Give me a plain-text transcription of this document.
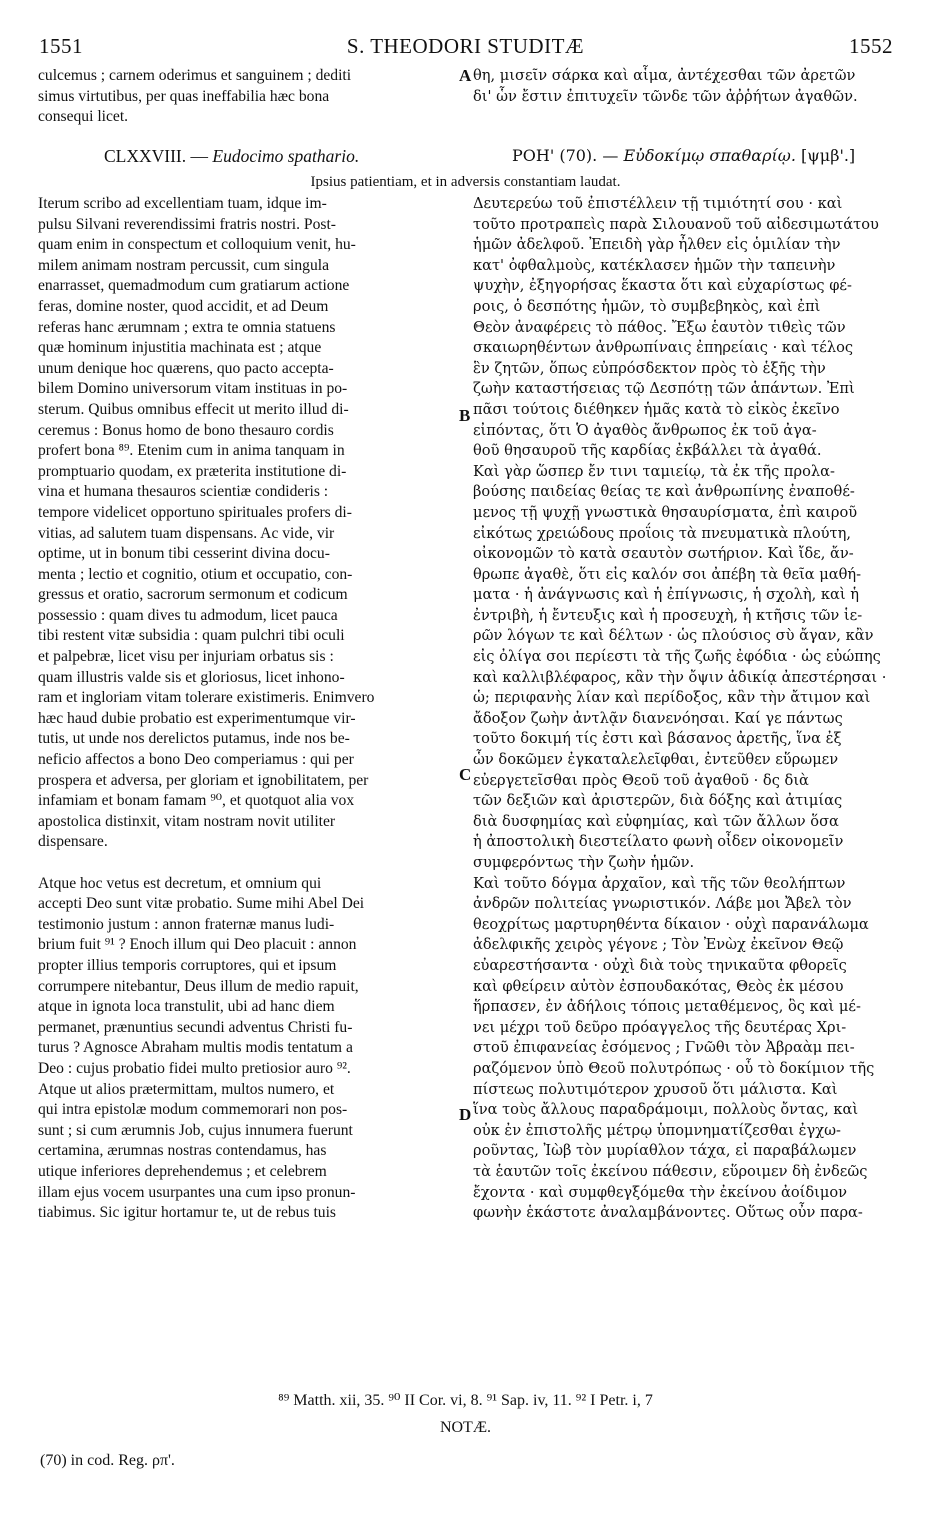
1551	S. THEODORI STUDITÆ	1552
culcemus ; carnem oderimus et sanguinem ; dediti
simus virtutibus, per quas ineffabilia hæc bona
consequi licet.
θη, μισεῖν σάρκα καὶ αἷμα, ἀντέχεσθαι τῶν ἀρετῶν
δι' ὧν ἔστιν ἐπιτυχεῖν τῶνδε τῶν ἀῤῥήτων ἀγαθῶν.
CLXXVIII. — Eudocimo spathario.	ΡΟΗ' (70). — Εὐδοκίμῳ σπαθαρίῳ. [ψμβ'.]
Ipsius patientiam, et in adversis constantiam laudat.
Iterum scribo ad excellentiam tuam, idque im-
pulsu Silvani reverendissimi fratris nostri. Post-
quam enim in conspectum et colloquium venit, hu-
milem animam nostram percussit, cum singula
enarrasset, quemadmodum cum gratiarum actione
feras, domine noster, quod accidit, et ad Deum
referas hanc ærumnam ; extra te omnia statuens
quæ hominum injustitia machinata est ; atque
unum denique hoc quærens, quo pacto accepta-
bilem Domino universorum vitam instituas in po-
sterum. Quibus omnibus effecit ut merito illud di-
ceremus : Bonus homo de bono thesauro cordis
profert bona ⁸⁹. Etenim cum in anima tanquam in
promptuario quodam, ex præterita institutione di-
vina et humana thesauros scientiæ condideris :
tempore videlicet opportuno spirituales profers di-
vitias, ad salutem tuam dispensans. Ac vide, vir
optime, ut in bonum tibi cesserint divina docu-
menta ; lectio et cognitio, otium et occupatio, con-
gressus et oratio, sacrorum sermonum et codicum
possessio : quam dives tu admodum, licet pauca
tibi restent vitæ subsidia : quam pulchri tibi oculi
et palpebræ, licet visu per injuriam orbatus sis :
quam illustris valde sis et gloriosus, licet inhono-
ram et ingloriam vitam tolerare existimeris. Enimvero
hæc haud dubie probatio est experimentumque vir-
tutis, ut unde nos derelictos putamus, inde nos be-
neficio affectos a bono Deo comperiamus : qui per
prospera et adversa, per gloriam et ignobilitatem, per
infamiam et bonam famam ⁹⁰, et quotquot alia vox
apostolica distinxit, vitam nostram novit utiliter
dispensare.

Atque hoc vetus est decretum, et omnium qui
accepti Deo sunt vitæ probatio. Sume mihi Abel Dei
testimonio justum : annon fraternæ manus ludi-
brium fuit ⁹¹ ? Enoch illum qui Deo placuit : annon
propter illius temporis corruptores, qui et ipsum
corrumpere nitebantur, Deus illum de medio rapuit,
atque in ignota loca transtulit, ubi ad hanc diem
permanet, prænuntius secundi adventus Christi fu-
turus ? Agnosce Abraham multis modis tentatum a
Deo : cujus probatio fidei multo pretiosior auro ⁹².
Atque ut alios prætermittam, multos numero, et
qui intra epistolæ modum commemorari non pos-
sunt ; si cum ærumnis Job, cujus innumera fuerunt
certamina, ærumnas nostras contendamus, has
utique inferiores deprehendemus ; et celebrem
illam ejus vocem usurpantes una cum ipso pronun-
tiabimus. Sic igitur hortamur te, ut de rebus tuis
Δευτερεύω τοῦ ἐπιστέλλειν τῇ τιμιότητί σου · καὶ
τοῦτο προτραπεὶς παρὰ Σιλουανοῦ τοῦ αἰδεσιμωτάτου
ἡμῶν ἀδελφοῦ. Ἐπειδὴ γὰρ ἦλθεν εἰς ὁμιλίαν τὴν
κατ' ὀφθαλμοὺς, κατέκλασεν ἡμῶν τὴν ταπεινὴν
ψυχὴν, ἐξηγορήσας ἕκαστα ὅτι καὶ εὐχαρίστως φέ-
ροις, ὁ δεσπότης ἡμῶν, τὸ συμβεβηκὸς, καὶ ἐπὶ
Θεὸν ἀναφέρεις τὸ πάθος. Ἔξω ἑαυτὸν τιθεὶς τῶν
σκαιωρηθέντων ἀνθρωπίναις ἐπηρείαις · καὶ τέλος
ἓν ζητῶν, ὅπως εὐπρόσδεκτον πρὸς τὸ ἑξῆς τὴν
ζωὴν καταστήσειας τῷ Δεσπότῃ τῶν ἁπάντων. Ἐπὶ
πᾶσι τούτοις διέθηκεν ἡμᾶς κατὰ τὸ εἰκὸς ἐκεῖνο
εἰπόντας, ὅτι Ὁ ἀγαθὸς ἄνθρωπος ἐκ τοῦ ἀγα-
θοῦ θησαυροῦ τῆς καρδίας ἐκβάλλει τὰ ἀγαθά.
Καὶ γὰρ ὥσπερ ἔν τινι ταμιείῳ, τὰ ἐκ τῆς προλα-
βούσης παιδείας θείας τε καὶ ἀνθρωπίνης ἐναποθέ-
μενος τῇ ψυχῇ γνωστικὰ θησαυρίσματα, ἐπὶ καιροῦ
εἰκότως χρειώδους προΐοις τὰ πνευματικὰ πλούτη,
οἰκονομῶν τὸ κατὰ σεαυτὸν σωτήριον. Καὶ ἴδε, ἄν-
θρωπε ἀγαθὲ, ὅτι εἰς καλόν σοι ἀπέβη τὰ θεῖα μαθή-
ματα · ἡ ἀνάγνωσις καὶ ἡ ἐπίγνωσις, ἡ σχολὴ, καὶ ἡ
ἐντριβὴ, ἡ ἔντευξις καὶ ἡ προσευχὴ, ἡ κτῆσις τῶν ἱε-
ρῶν λόγων τε καὶ δέλτων · ὡς πλούσιος σὺ ἄγαν, κἂν
εἰς ὀλίγα σοι περίεστι τὰ τῆς ζωῆς ἐφόδια · ὡς εὐώπης
καὶ καλλιβλέφαρος, κἂν τὴν ὄψιν ἀδικίᾳ ἀπεστέρησαι ·
ὡ; περιφανὴς λίαν καὶ περίδοξος, κἂν τὴν ἄτιμον καὶ
ἄδοξον ζωὴν ἀντλᾷν διανενόησαι. Καί γε πάντως
τοῦτο δοκιμή τίς ἐστι καὶ βάσανος ἀρετῆς, ἵνα ἐξ
ὧν δοκῶμεν ἐγκαταλελεῖφθαι, ἐντεῦθεν εὕρωμεν
εὐεργετεῖσθαι πρὸς Θεοῦ τοῦ ἀγαθοῦ · δς διὰ
τῶν δεξιῶν καὶ ἀριστερῶν, διὰ δόξης καὶ ἀτιμίας
διὰ δυσφημίας καὶ εὐφημίας, καὶ τῶν ἄλλων ὅσα
ἡ ἀποστολικὴ διεστείλατο φωνὴ οἶδεν οἰκονομεῖν
συμφερόντως τὴν ζωὴν ἡμῶν.
Καὶ τοῦτο δόγμα ἀρχαῖον, καὶ τῆς τῶν θεολήπτων
ἀνδρῶν πολιτείας γνωριστικόν. Λάβε μοι Ἄβελ τὸν
θεοχρίτως μαρτυρηθέντα δίκαιον · οὐχὶ παρανάλωμα
ἀδελφικῆς χειρὸς γέγονε ; Τὸν Ἐνὼχ ἐκεῖνον Θεῷ
εὐαρεστήσαντα · οὐχὶ διὰ τοὺς τηνικαῦτα φθορεῖς
καὶ φθείρειν αὐτὸν ἐσπουδακότας, Θεὸς ἐκ μέσου
ἥρπασεν, ἐν ἀδήλοις τόποις μεταθέμενος, ὃς καὶ μέ-
νει μέχρι τοῦ δεῦρο πρόαγγελος τῆς δευτέρας Χρι-
στοῦ ἐπιφανείας ἐσόμενος ; Γνῶθι τὸν Ἀβραὰμ πει-
ραζόμενον ὑπὸ Θεοῦ πολυτρόπως · οὗ τὸ δοκίμιον τῆς
πίστεως πολυτιμότερον χρυσοῦ ὅτι μάλιστα. Καὶ
ἵνα τοὺς ἄλλους παραδράμοιμι, πολλοὺς ὄντας, καὶ
οὐκ ἐν ἐπιστολῆς μέτρῳ ὑπομνηματίζεσθαι ἐγχω-
ροῦντας, Ἰὼβ τὸν μυρίαθλον τάχα, εἰ παραβάλωμεν
τὰ ἑαυτῶν τοῖς ἐκείνου πάθεσιν, εὕροιμεν δὴ ἐνδεῶς
ἔχοντα · καὶ συμφθεγξόμεθα τὴν ἐκείνου ἀοίδιμον
φωνὴν ἑκάστοτε ἀναλαμβάνοντες. Οὕτως οὖν παρα-
A
B
C
D
⁸⁹ Matth. xii, 35. ⁹⁰ II Cor. vi, 8. ⁹¹ Sap. iv, 11. ⁹² I Petr. i, 7
NOTÆ.
(70) in cod. Reg. ρπ'.
